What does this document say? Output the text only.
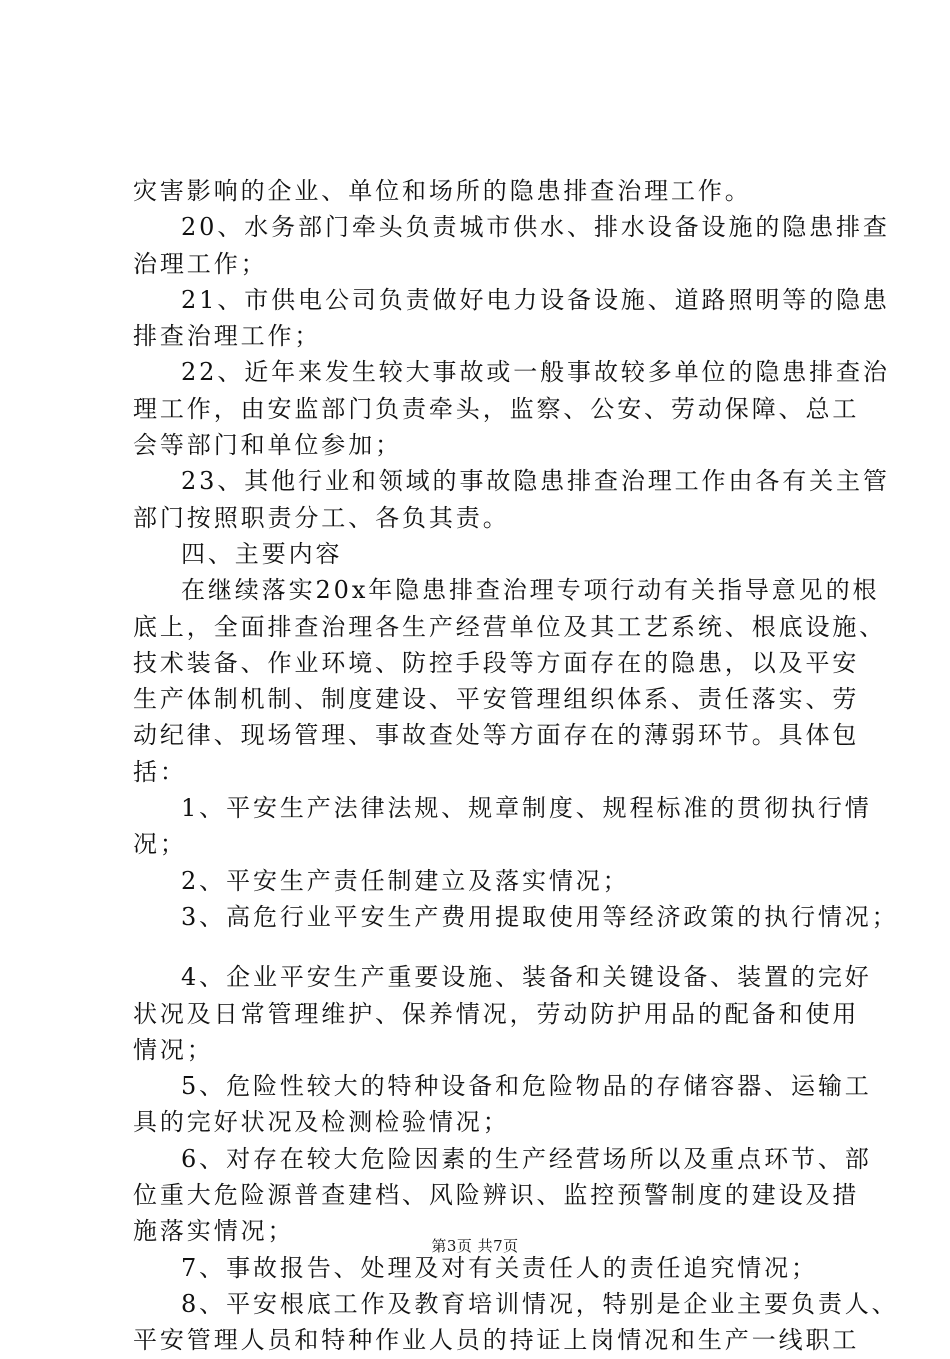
灾害影响的企业、单位和场所的隐患排查治理工作。
20、水务部门牵头负责城市供水、排水设备设施的隐患排查
治理工作；
21、市供电公司负责做好电力设备设施、道路照明等的隐患
排查治理工作；
22、近年来发生较大事故或一般事故较多单位的隐患排查治
理工作，由安监部门负责牵头，监察、公安、劳动保障、总工
会等部门和单位参加；
23、其他行业和领域的事故隐患排查治理工作由各有关主管
部门按照职责分工、各负其责。
四、主要内容
在继续落实20x年隐患排查治理专项行动有关指导意见的根
底上，全面排查治理各生产经营单位及其工艺系统、根底设施、
技术装备、作业环境、防控手段等方面存在的隐患，以及平安
生产体制机制、制度建设、平安管理组织体系、责任落实、劳
动纪律、现场管理、事故查处等方面存在的薄弱环节。具体包
括：
1、平安生产法律法规、规章制度、规程标准的贯彻执行情
况；
2、平安生产责任制建立及落实情况；
3、高危行业平安生产费用提取使用等经济政策的执行情况；
4、企业平安生产重要设施、装备和关键设备、装置的完好
状况及日常管理维护、保养情况，劳动防护用品的配备和使用
情况；
5、危险性较大的特种设备和危险物品的存储容器、运输工
具的完好状况及检测检验情况；
6、对存在较大危险因素的生产经营场所以及重点环节、部
位重大危险源普查建档、风险辨识、监控预警制度的建设及措
施落实情况；
7、事故报告、处理及对有关责任人的责任追究情况；
8、平安根底工作及教育培训情况，特别是企业主要负责人、
平安管理人员和特种作业人员的持证上岗情况和生产一线职工
第3页 共7页
